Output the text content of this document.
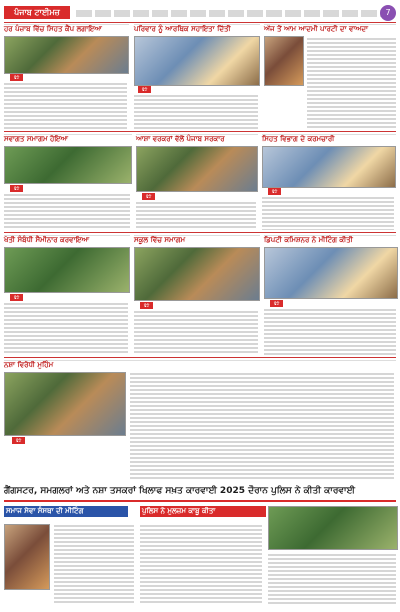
ਪੰਜਾਬ ਟਾਈਮਜ਼	7
ਹਰ ਪੰਜ਼ਾਬ ਵਿੱਚ ਸਿਹਤ ਕੈਂਪ ਲਗਾਇਆ
ਫੋਟੋ
ਪਰਿਵਾਰ ਨੂੰ ਆਰਥਿਕ ਸਹਾਇਤਾ ਦਿੱਤੀ
ਫੋਟੋ
ਅੱਜ ਤੋਂ ਆਮ ਆਦਮੀ ਪਾਰਟੀ ਦਾ ਵਾਅਦਾ
ਸਵਾਗਤ ਸਮਾਗਮ ਹੋਇਆ
ਫੋਟੋ
ਆਸ਼ਾ ਵਰਕਰਾਂ ਵੱਲੋਂ ਪੰਜਾਬ ਸਰਕਾਰ
ਫੋਟੋ
ਸਿਹਤ ਵਿਭਾਗ ਦੇ ਕਰਮਚਾਰੀ
ਫੋਟੋ
ਖੇਤੀ ਸੰਬੰਧੀ ਸੈਮੀਨਾਰ ਕਰਵਾਇਆ
ਫੋਟੋ
ਸਕੂਲ ਵਿੱਚ ਸਮਾਗਮ
ਫੋਟੋ
ਡਿਪਟੀ ਕਮਿਸ਼ਨਰ ਨੇ ਮੀਟਿੰਗ ਕੀਤੀ
ਫੋਟੋ
ਨਸ਼ਾ ਵਿਰੋਧੀ ਮੁਹਿੰਮ
ਫੋਟੋ
ਗੈਂਗਸਟਰ, ਸਮਗਲਰਾਂ ਅਤੇ ਨਸ਼ਾ ਤਸਕਰਾਂ ਖਿਲਾਫ ਸਖ਼ਤ ਕਾਰਵਾਈ 2025 ਦੌਰਾਨ ਪੁਲਿਸ ਨੇ ਕੀਤੀ ਕਾਰਵਾਈ
ਸਮਾਜ ਸੇਵਾ ਸੰਸਥਾ ਦੀ ਮੀਟਿੰਗ	ਪੁਲਿਸ ਨੇ ਮੁਲਜ਼ਮ ਕਾਬੂ ਕੀਤਾ
